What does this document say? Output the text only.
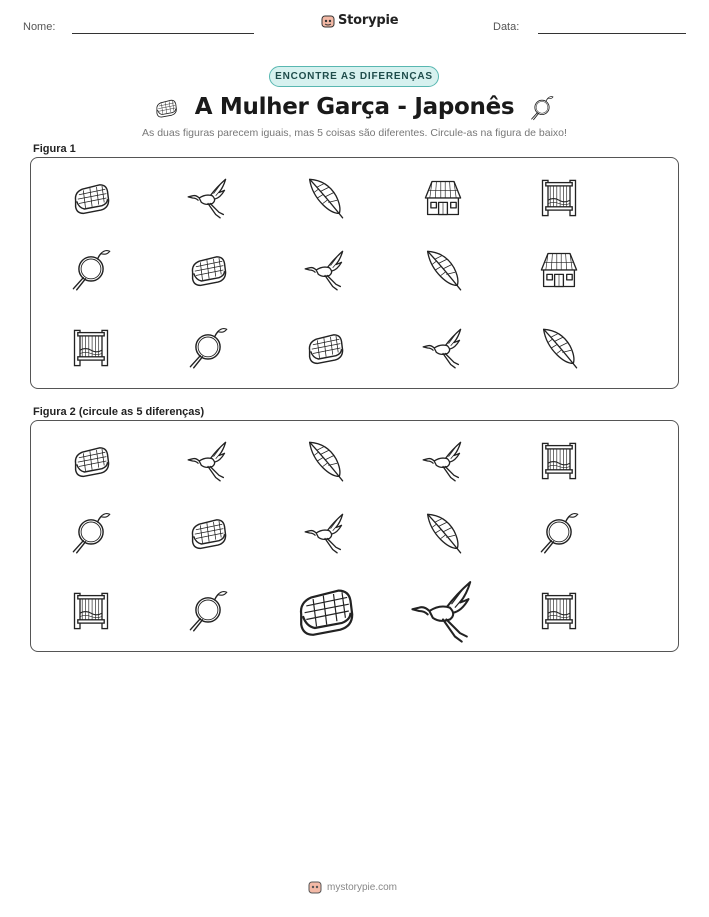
Nome:	Storypie	Data:
ENCONTRE AS DIFERENÇAS
A Mulher Garça - Japonês
As duas figuras parecem iguais, mas 5 coisas são diferentes. Circule-as na figura de baixo!
Figura 1
Figura 2 (circule as 5 diferenças)
mystorypie.com
